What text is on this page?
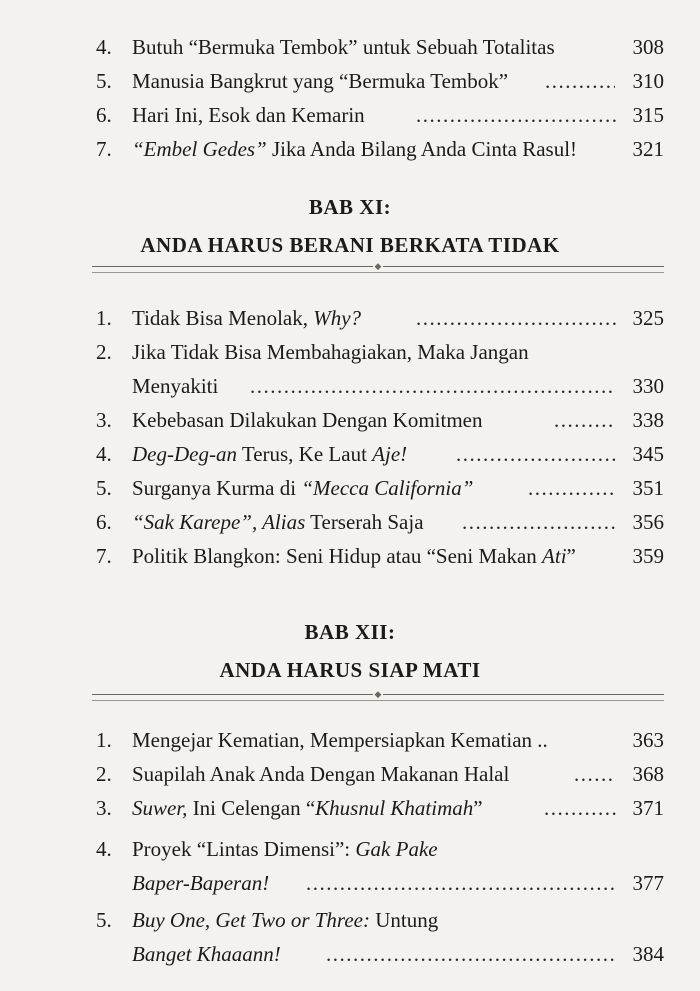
4. Butuh “Bermuka Tembok” untuk Sebuah Totalitas	308
5. Manusia Bangkrut yang “Bermuka Tembok” .....	310
6. Hari Ini, Esok dan Kemarin .....	315
7. “Embel Gedes” Jika Anda Bilang Anda Cinta Rasul!	321
BAB XI:
ANDA HARUS BERANI BERKATA TIDAK
◆
1. Tidak Bisa Menolak, Why? .....	325
2. Jika Tidak Bisa Membahagiakan, Maka Jangan
Menyakiti .....	330
3. Kebebasan Dilakukan Dengan Komitmen .....	338
4. Deg-Deg-an Terus, Ke Laut Aje! .....	345
5. Surganya Kurma di “Mecca California” .....	351
6. “Sak Karepe”, Alias Terserah Saja .....	356
7. Politik Blangkon: Seni Hidup atau “Seni Makan Ati”	359
BAB XII:
ANDA HARUS SIAP MATI
◆
1. Mengejar Kematian, Mempersiapkan Kematian ..	363
2. Suapilah Anak Anda Dengan Makanan Halal .....	368
3. Suwer, Ini Celengan “Khusnul Khatimah” .....	371
4. Proyek “Lintas Dimensi”: Gak Pake
Baper-Baperan! .....	377
5. Buy One, Get Two or Three: Untung
Banget Khaaann! .....	384
